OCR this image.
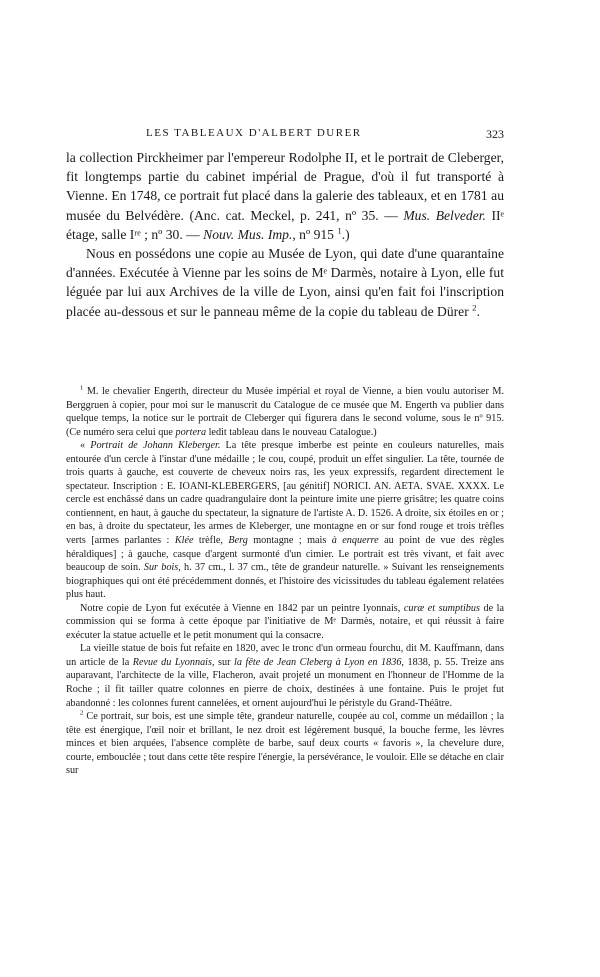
LES TABLEAUX D'ALBERT DURER	323

la collection Pirckheimer par l'empereur Rodolphe II, et le portrait de Cleberger, fit longtemps partie du cabinet impérial de Prague, d'où il fut transporté à Vienne. En 1748, ce portrait fut placé dans la galerie des tableaux, et en 1781 au musée du Belvédère. (Anc. cat. Meckel, p. 241, nº 35. — Mus. Belveder. IIᵉ étage, salle Iʳᵉ ; nº 30. — Nouv. Mus. Imp., nº 915 $^1$.)

Nous en possédons une copie au Musée de Lyon, qui date d'une quarantaine d'années. Exécutée à Vienne par les soins de Mᵉ Darmès, notaire à Lyon, elle fut léguée par lui aux Archives de la ville de Lyon, ainsi qu'en fait foi l'inscription placée au-dessous et sur le panneau même de la copie du tableau de Dürer $^2$.

$^1$ M. le chevalier Engerth, directeur du Musée impérial et royal de Vienne, a bien voulu autoriser M. Berggruen à copier, pour moi sur le manuscrit du Catalogue de ce musée que M. Engerth va publier dans quelque temps, la notice sur le portrait de Cleberger qui figurera dans le second volume, sous le nº 915. (Ce numéro sera celui que portera ledit tableau dans le nouveau Catalogue.)

« Portrait de Johann Kleberger. La tête presque imberbe est peinte en couleurs naturelles, mais entourée d'un cercle à l'instar d'une médaille ; le cou, coupé, produit un effet singulier. La tête, tournée de trois quarts à gauche, est couverte de cheveux noirs ras, les yeux expressifs, regardent directement le spectateur. Inscription : E. IOANI-KLEBERGERS, [au génitif] NORICI. AN. AETA. SVAE. XXXX. Le cercle est enchâssé dans un cadre quadrangulaire dont la peinture imite une pierre grisâtre; les quatre coins contiennent, en haut, à gauche du spectateur, la signature de l'artiste A. D. 1526. A droite, six étoiles en or ; en bas, à droite du spectateur, les armes de Kleberger, une montagne en or sur fond rouge et trois trèfles verts [armes parlantes : Klée trèfle, Berg montagne ; mais à enquerre au point de vue des règles héraldiques] ; à gauche, casque d'argent surmonté d'un cimier. Le portrait est très vivant, et fait avec beaucoup de soin. Sur bois, h. 37 cm., l. 37 cm., tête de grandeur naturelle. » Suivant les renseignements biographiques qui ont été précédemment donnés, et l'histoire des vicissitudes du tableau également relatées plus haut.

Notre copie de Lyon fut exécutée à Vienne en 1842 par un peintre lyonnais, curæ et sumptibus de la commission qui se forma à cette époque par l'initiative de Mᵉ Darmès, notaire, et qui réussit à faire exécuter la statue actuelle et le petit monument qui la consacre.

La vieille statue de bois fut refaite en 1820, avec le tronc d'un ormeau fourchu, dit M. Kauffmann, dans un article de la Revue du Lyonnais, sur la fête de Jean Cleberg à Lyon en 1836, 1838, p. 55. Treize ans auparavant, l'architecte de la ville, Flacheron, avait projeté un monument en l'honneur de l'Homme de la Roche ; il fit tailler quatre colonnes en pierre de choix, destinées à une fontaine. Puis le projet fut abandonné : les colonnes furent cannelées, et ornent aujourd'hui le péristyle du Grand-Théâtre.

$^2$ Ce portrait, sur bois, est une simple tête, grandeur naturelle, coupée au col, comme un médaillon ; la tête est énergique, l'œil noir et brillant, le nez droit est légèrement busqué, la bouche ferme, les lèvres minces et bien arquées, l'absence complète de barbe, sauf deux courts « favoris », la chevelure dure, courte, embouclée ; tout dans cette tête respire l'énergie, la persévérance, le vouloir. Elle se détache en clair sur
